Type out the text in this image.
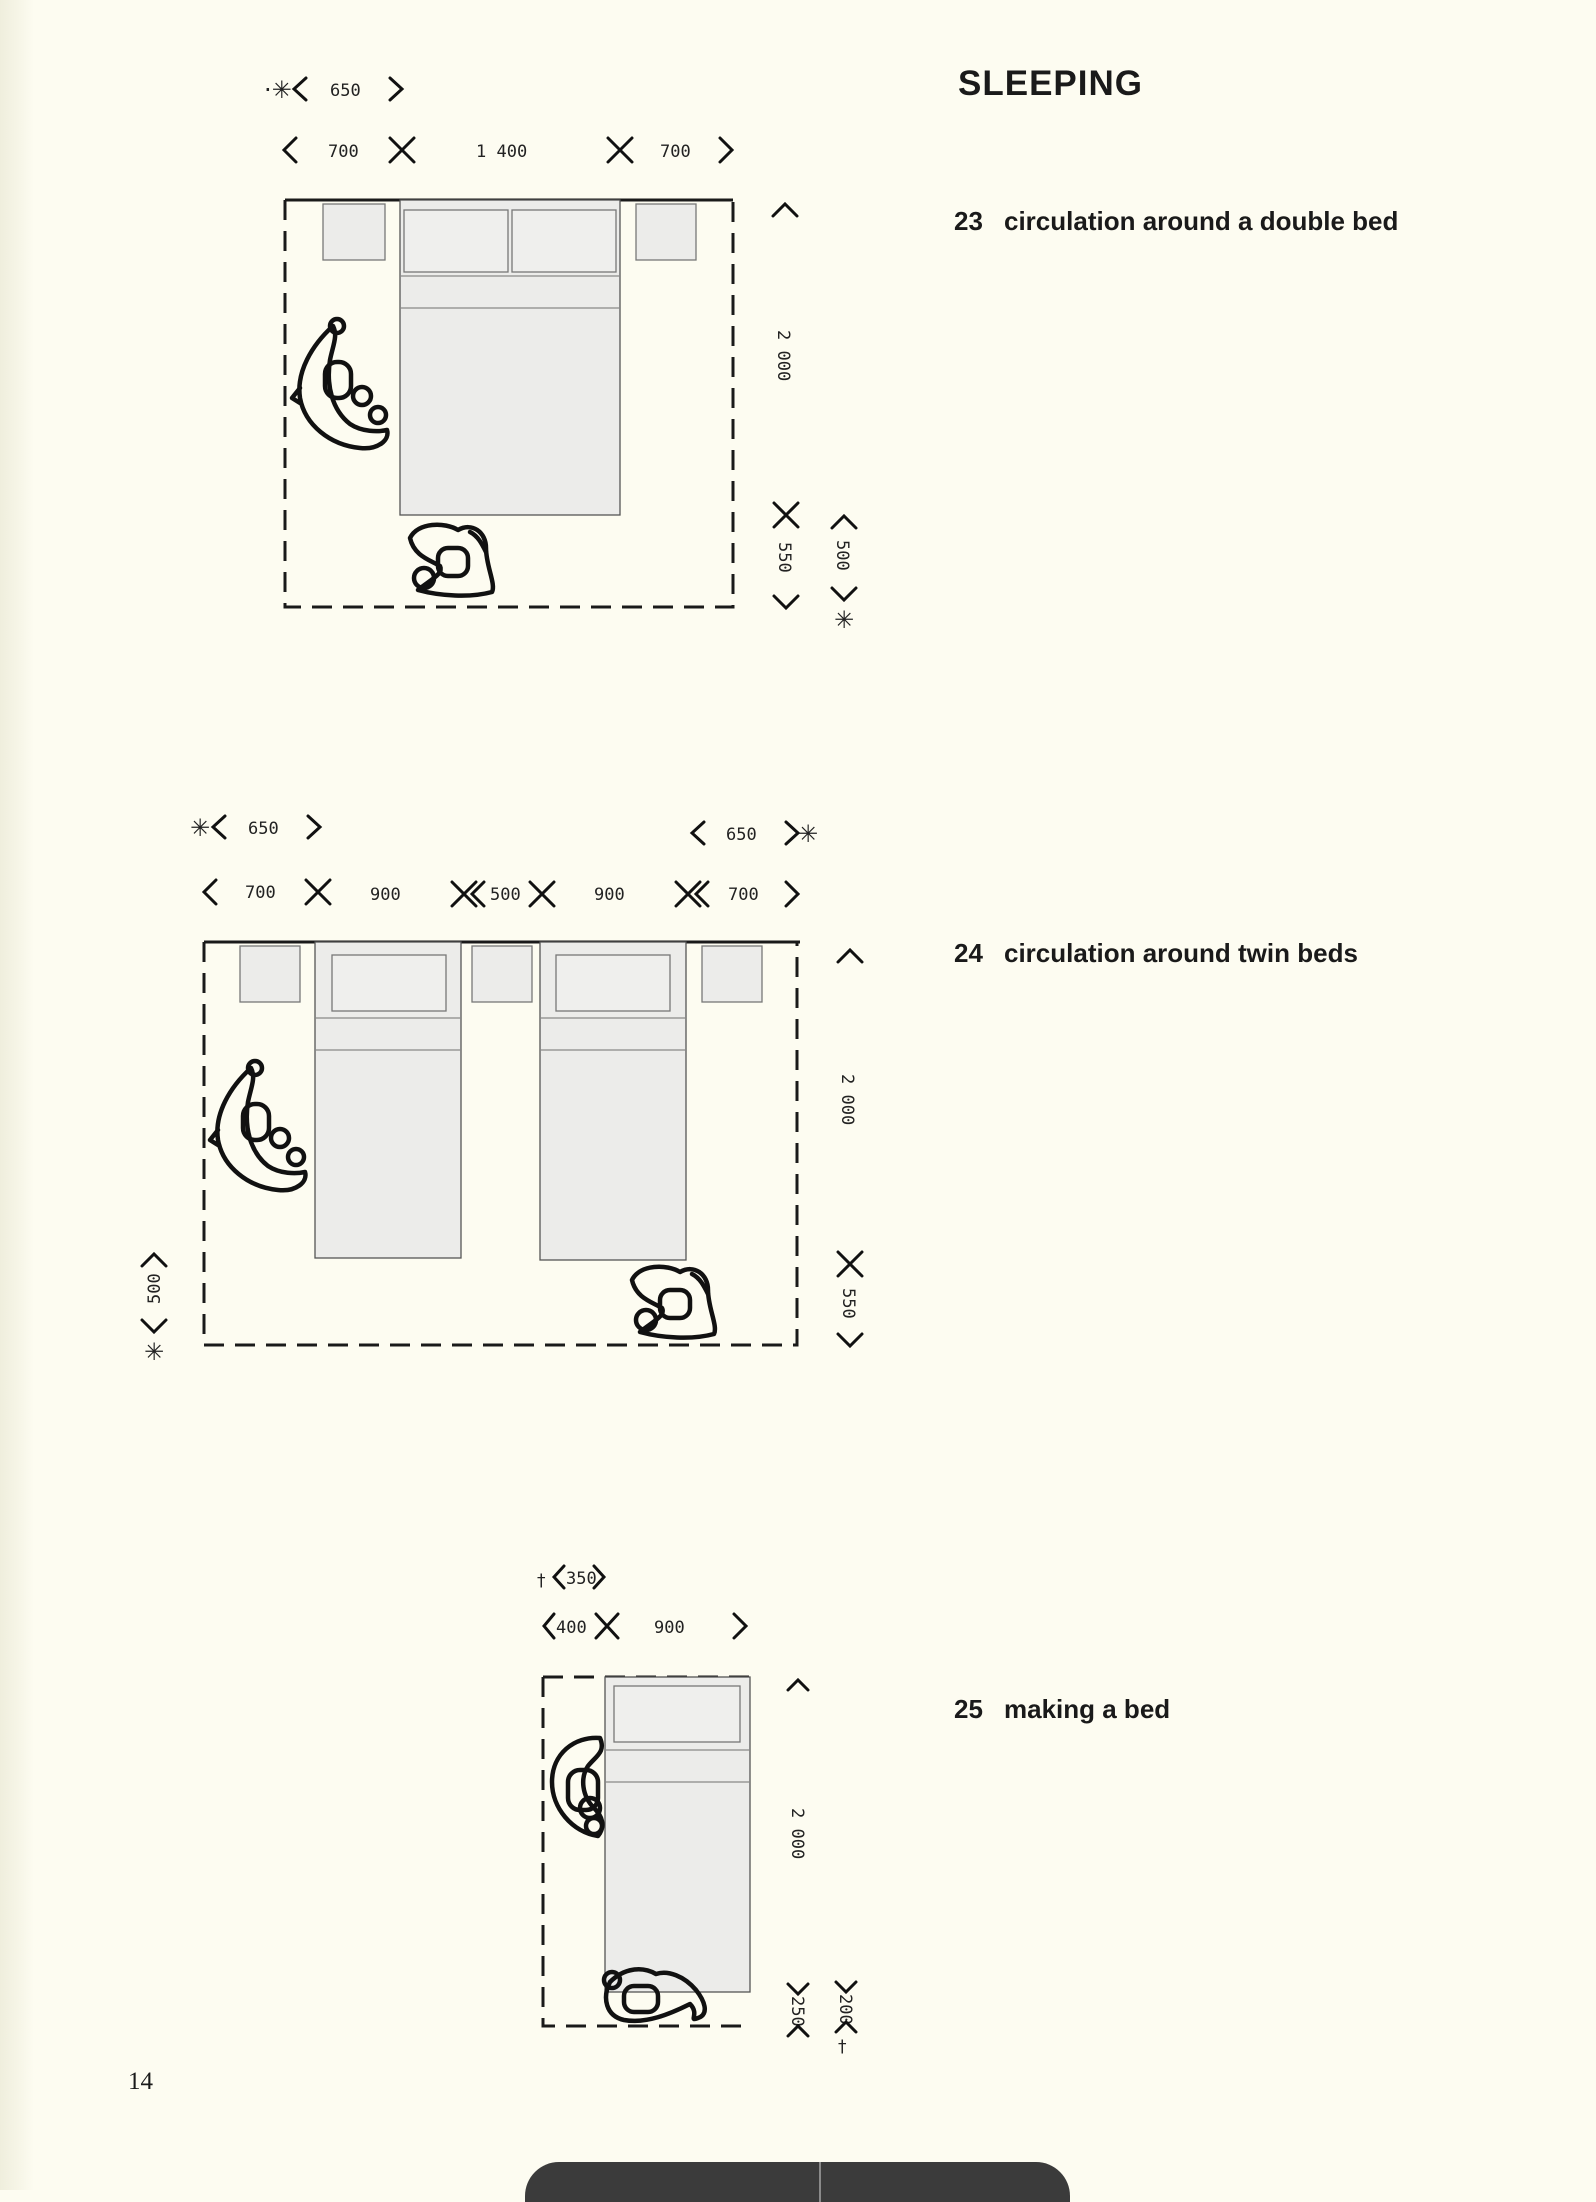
SLEEPING
23 circulation around a double bed
24 circulation around twin beds
25 making a bed
·✳ 650
700	1 400	700
2 000
550 500
✳
✳ 650	650 ✳
700	900	500	900	700
2 000
550
500
✳
† 350
400	900
2 000
250 200
†
14
